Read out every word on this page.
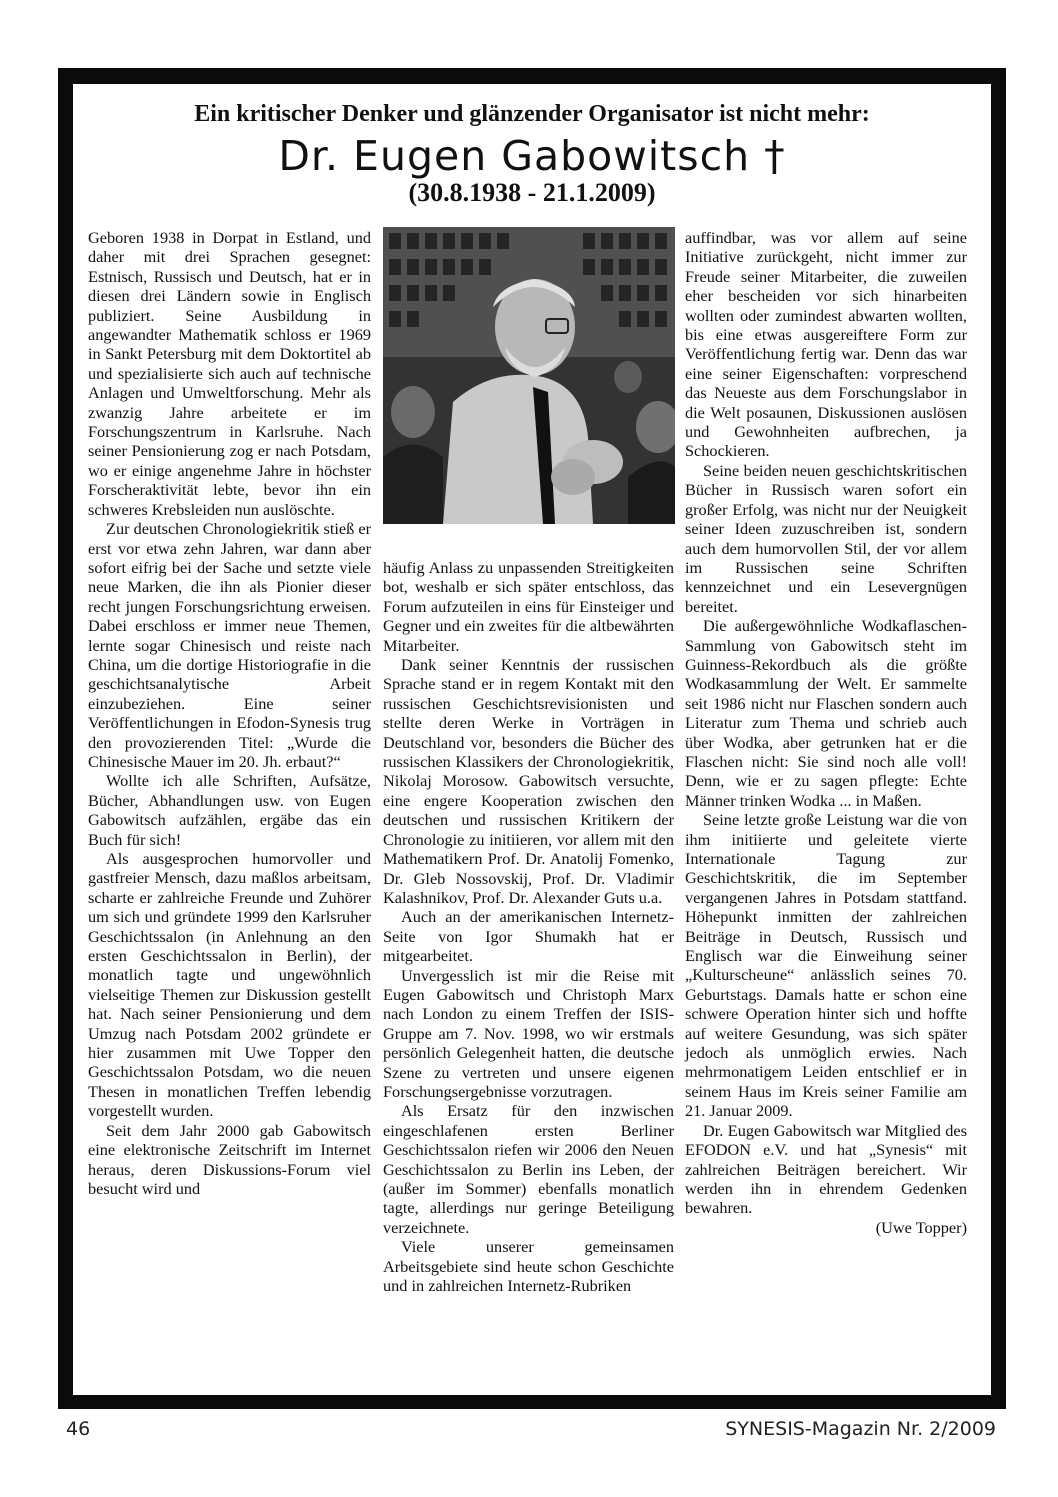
Ein kritischer Denker und glänzender Organisator ist nicht mehr:
Dr. Eugen Gabowitsch †
(30.8.1938 - 21.1.2009)

Geboren 1938 in Dorpat in Estland, und daher mit drei Sprachen gesegnet: Estnisch, Russisch und Deutsch, hat er in diesen drei Ländern sowie in Englisch publiziert. Seine Ausbildung in angewandter Mathematik schloss er 1969 in Sankt Petersburg mit dem Doktortitel ab und spezialisierte sich auch auf technische Anlagen und Umweltforschung. Mehr als zwanzig Jahre arbeitete er im Forschungszentrum in Karlsruhe. Nach seiner Pensionierung zog er nach Potsdam, wo er einige angenehme Jahre in höchster Forscheraktivität lebte, bevor ihn ein schweres Krebsleiden nun auslöschte.

Zur deutschen Chronologiekritik stieß er erst vor etwa zehn Jahren, war dann aber sofort eifrig bei der Sache und setzte viele neue Marken, die ihn als Pionier dieser recht jungen Forschungsrichtung erweisen. Dabei erschloss er immer neue Themen, lernte sogar Chinesisch und reiste nach China, um die dortige Historiografie in die geschichtsanalytische Arbeit einzubeziehen. Eine seiner Veröffentlichungen in Efodon-Synesis trug den provozierenden Titel: „Wurde die Chinesische Mauer im 20. Jh. erbaut?“

Wollte ich alle Schriften, Aufsätze, Bücher, Abhandlungen usw. von Eugen Gabowitsch aufzählen, ergäbe das ein Buch für sich!

Als ausgesprochen humorvoller und gastfreier Mensch, dazu maßlos arbeitsam, scharte er zahlreiche Freunde und Zuhörer um sich und gründete 1999 den Karlsruher Geschichtssalon (in Anlehnung an den ersten Geschichtssalon in Berlin), der monatlich tagte und ungewöhnlich vielseitige Themen zur Diskussion gestellt hat. Nach seiner Pensionierung und dem Umzug nach Potsdam 2002 gründete er hier zusammen mit Uwe Topper den Geschichtssalon Potsdam, wo die neuen Thesen in monatlichen Treffen lebendig vorgestellt wurden.

Seit dem Jahr 2000 gab Gabowitsch eine elektronische Zeitschrift im Internet heraus, deren Diskussions-Forum viel besucht wird und

häufig Anlass zu unpassenden Streitigkeiten bot, weshalb er sich später entschloss, das Forum aufzuteilen in eins für Einsteiger und Gegner und ein zweites für die altbewährten Mitarbeiter.

Dank seiner Kenntnis der russischen Sprache stand er in regem Kontakt mit den russischen Geschichtsrevisionisten und stellte deren Werke in Vorträgen in Deutschland vor, besonders die Bücher des russischen Klassikers der Chronologiekritik, Nikolaj Morosow. Gabowitsch versuchte, eine engere Kooperation zwischen den deutschen und russischen Kritikern der Chronologie zu initiieren, vor allem mit den Mathematikern Prof. Dr. Anatolij Fomenko, Dr. Gleb Nossovskij, Prof. Dr. Vladimir Kalashnikov, Prof. Dr. Alexander Guts u.a.

Auch an der amerikanischen Internetz-Seite von Igor Shumakh hat er mitgearbeitet.

Unvergesslich ist mir die Reise mit Eugen Gabowitsch und Christoph Marx nach London zu einem Treffen der ISIS-Gruppe am 7. Nov. 1998, wo wir erstmals persönlich Gelegenheit hatten, die deutsche Szene zu vertreten und unsere eigenen Forschungsergebnisse vorzutragen.

Als Ersatz für den inzwischen eingeschlafenen ersten Berliner Geschichtssalon riefen wir 2006 den Neuen Geschichtssalon zu Berlin ins Leben, der (außer im Sommer) ebenfalls monatlich tagte, allerdings nur geringe Beteiligung verzeichnete.

Viele unserer gemeinsamen Arbeitsgebiete sind heute schon Geschichte und in zahlreichen Internetz-Rubriken

auffindbar, was vor allem auf seine Initiative zurückgeht, nicht immer zur Freude seiner Mitarbeiter, die zuweilen eher bescheiden vor sich hinarbeiten wollten oder zumindest abwarten wollten, bis eine etwas ausgereiftere Form zur Veröffentlichung fertig war. Denn das war eine seiner Eigenschaften: vorpreschend das Neueste aus dem Forschungslabor in die Welt posaunen, Diskussionen auslösen und Gewohnheiten aufbrechen, ja Schockieren.

Seine beiden neuen geschichtskritischen Bücher in Russisch waren sofort ein großer Erfolg, was nicht nur der Neuigkeit seiner Ideen zuzuschreiben ist, sondern auch dem humorvollen Stil, der vor allem im Russischen seine Schriften kennzeichnet und ein Lesevergnügen bereitet.

Die außergewöhnliche Wodkaflaschen-Sammlung von Gabowitsch steht im Guinness-Rekordbuch als die größte Wodkasammlung der Welt. Er sammelte seit 1986 nicht nur Flaschen sondern auch Literatur zum Thema und schrieb auch über Wodka, aber getrunken hat er die Flaschen nicht: Sie sind noch alle voll! Denn, wie er zu sagen pflegte: Echte Männer trinken Wodka ... in Maßen.

Seine letzte große Leistung war die von ihm initiierte und geleitete vierte Internationale Tagung zur Geschichtskritik, die im September vergangenen Jahres in Potsdam stattfand. Höhepunkt inmitten der zahlreichen Beiträge in Deutsch, Russisch und Englisch war die Einweihung seiner „Kulturscheune“ anlässlich seines 70. Geburtstags. Damals hatte er schon eine schwere Operation hinter sich und hoffte auf weitere Gesundung, was sich später jedoch als unmöglich erwies. Nach mehrmonatigem Leiden entschlief er in seinem Haus im Kreis seiner Familie am 21. Januar 2009.

Dr. Eugen Gabowitsch war Mitglied des EFODON e.V. und hat „Synesis“ mit zahlreichen Beiträgen bereichert. Wir werden ihn in ehrendem Gedenken bewahren.

(Uwe Topper)

46	SYNESIS-Magazin Nr. 2/2009
